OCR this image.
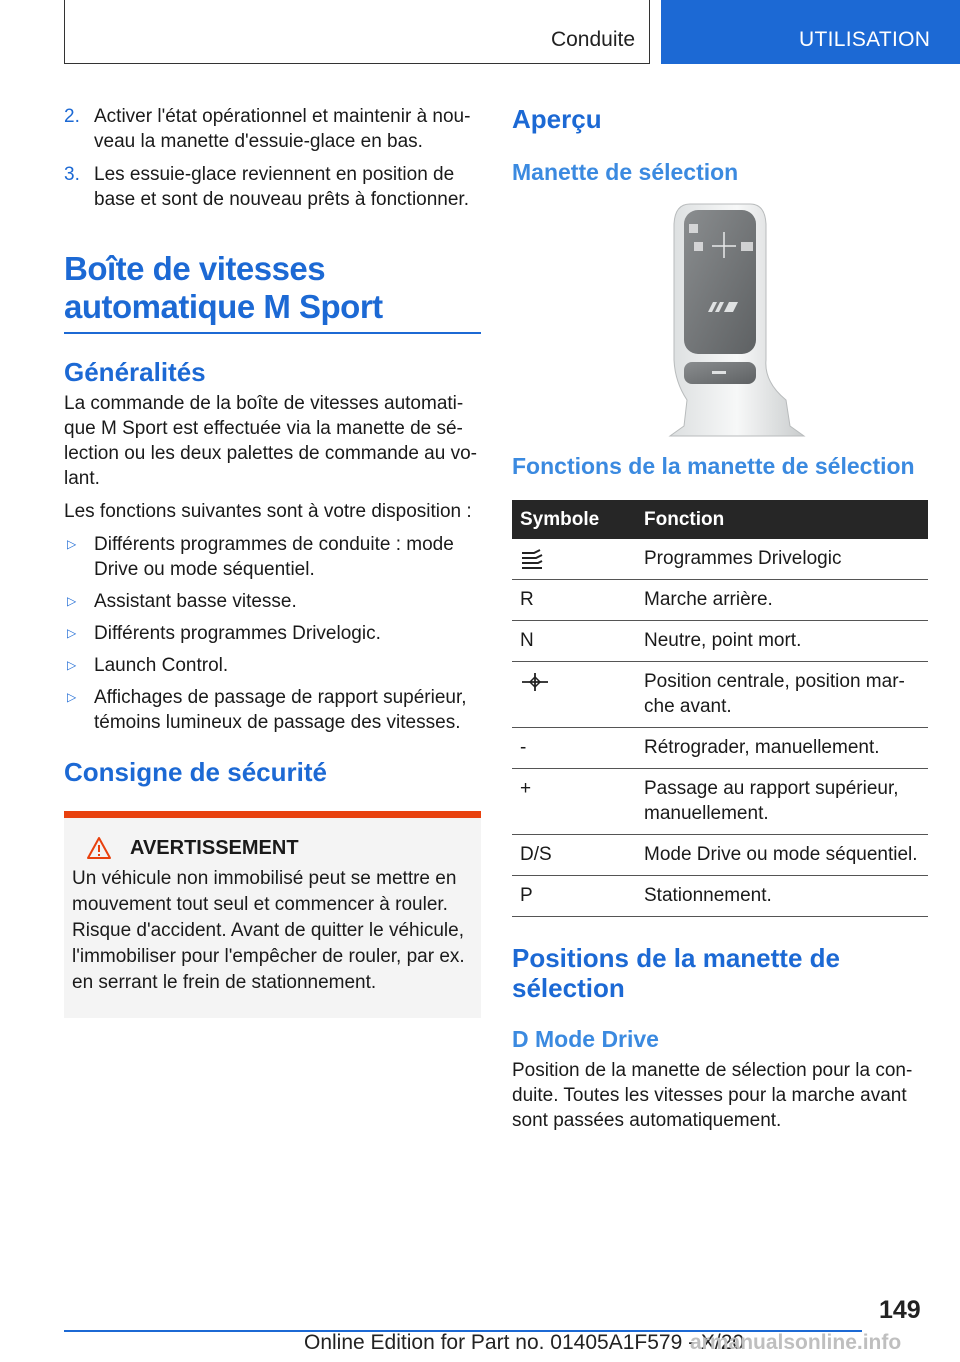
Conduite	UTILISATION
2. Activer l'état opérationnel et maintenir à nou-veau la manette d'essuie-glace en bas.
3. Les essuie-glace reviennent en position de base et sont de nouveau prêts à fonctionner.
Boîte de vitesses
automatique M Sport
Généralités
La commande de la boîte de vitesses automati-que M Sport est effectuée via la manette de sé-lection ou les deux palettes de commande au vo-lant.
Les fonctions suivantes sont à votre disposition :
▷ Différents programmes de conduite : mode Drive ou mode séquentiel.
▷ Assistant basse vitesse.
▷ Différents programmes Drivelogic.
▷ Launch Control.
▷ Affichages de passage de rapport supérieur, témoins lumineux de passage des vitesses.
Consigne de sécurité
AVERTISSEMENT
Un véhicule non immobilisé peut se mettre en mouvement tout seul et commencer à rouler. Risque d'accident. Avant de quitter le véhicule, l'immobiliser pour l'empêcher de rouler, par ex. en serrant le frein de stationnement.
Aperçu
Manette de sélection
Fonctions de la manette de sélection
Symbole	Fonction
	Programmes Drivelogic
R	Marche arrière.
N	Neutre, point mort.
	Position centrale, position mar-che avant.
-	Rétrograder, manuellement.
+	Passage au rapport supérieur, manuellement.
D/S	Mode Drive ou mode séquentiel.
P	Stationnement.
Positions de la manette de sélection
D Mode Drive
Position de la manette de sélection pour la con-duite. Toutes les vitesses pour la marche avant sont passées automatiquement.
149
Online Edition for Part no. 01405A1F579 - X/20
armanualsonline.info
